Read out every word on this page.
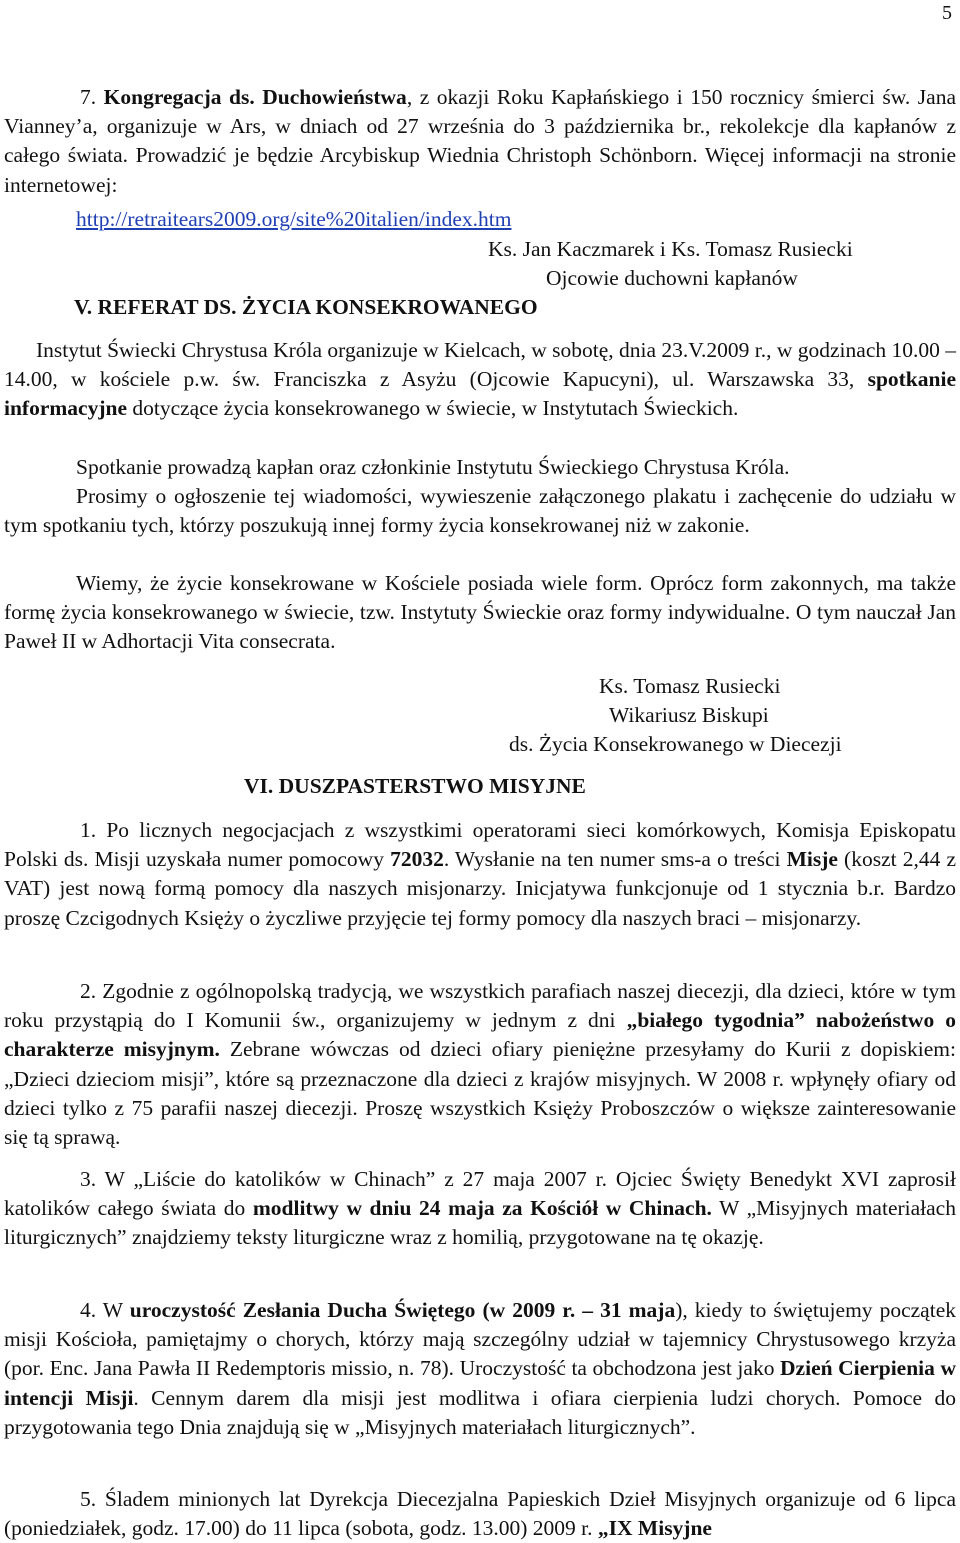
5
7. Kongregacja ds. Duchowieństwa, z okazji Roku Kapłańskiego i 150 rocznicy śmierci św. Jana Vianney’a, organizuje w Ars, w dniach od 27 września do 3 października br., rekolekcje dla kapłanów z całego świata. Prowadzić je będzie Arcybiskup Wiednia Christoph Schönborn. Więcej informacji na stronie internetowej:
http://retraitears2009.org/site%20italien/index.htm
Ks. Jan Kaczmarek i Ks. Tomasz Rusiecki
Ojcowie duchowni kapłanów
V. REFERAT DS. ŻYCIA KONSEKROWANEGO
Instytut Świecki Chrystusa Króla organizuje w Kielcach, w sobotę, dnia 23.V.2009 r., w godzinach 10.00 – 14.00, w kościele p.w. św. Franciszka z Asyżu (Ojcowie Kapucyni), ul. Warszawska 33, spotkanie informacyjne dotyczące życia konsekrowanego w świecie, w Instytutach Świeckich.
Spotkanie prowadzą kapłan oraz członkinie Instytutu Świeckiego Chrystusa Króla.
Prosimy o ogłoszenie tej wiadomości, wywieszenie załączonego plakatu i zachęcenie do udziału w tym spotkaniu tych, którzy poszukują innej formy życia konsekrowanej niż w zakonie.
Wiemy, że życie konsekrowane w Kościele posiada wiele form. Oprócz form zakonnych, ma także formę życia konsekrowanego w świecie, tzw. Instytuty Świeckie oraz formy indywidualne. O tym nauczał Jan Paweł II w Adhortacji Vita consecrata.
Ks. Tomasz Rusiecki
Wikariusz Biskupi
ds. Życia Konsekrowanego w Diecezji
VI. DUSZPASTERSTWO MISYJNE
1. Po licznych negocjacjach z wszystkimi operatorami sieci komórkowych, Komisja Episkopatu Polski ds. Misji uzyskała numer pomocowy 72032. Wysłanie na ten numer sms-a o treści Misje (koszt 2,44 z VAT) jest nową formą pomocy dla naszych misjonarzy. Inicjatywa funkcjonuje od 1 stycznia b.r. Bardzo proszę Czcigodnych Księży o życzliwe przyjęcie tej formy pomocy dla naszych braci – misjonarzy.
2. Zgodnie z ogólnopolską tradycją, we wszystkich parafiach naszej diecezji, dla dzieci, które w tym roku przystąpią do I Komunii św., organizujemy w jednym z dni „białego tygodnia” nabożeństwo o charakterze misyjnym. Zebrane wówczas od dzieci ofiary pieniężne przesyłamy do Kurii z dopiskiem: „Dzieci dzieciom misji”, które są przeznaczone dla dzieci z krajów misyjnych. W 2008 r. wpłynęły ofiary od dzieci tylko z 75 parafii naszej diecezji. Proszę wszystkich Księży Proboszczów o większe zainteresowanie się tą sprawą.
3. W „Liście do katolików w Chinach” z 27 maja 2007 r. Ojciec Święty Benedykt XVI zaprosił katolików całego świata do modlitwy w dniu 24 maja za Kościół w Chinach. W „Misyjnych materiałach liturgicznych” znajdziemy teksty liturgiczne wraz z homilią, przygotowane na tę okazję.
4. W uroczystość Zesłania Ducha Świętego (w 2009 r. – 31 maja), kiedy to świętujemy początek misji Kościoła, pamiętajmy o chorych, którzy mają szczególny udział w tajemnicy Chrystusowego krzyża (por. Enc. Jana Pawła II Redemptoris missio, n. 78). Uroczystość ta obchodzona jest jako Dzień Cierpienia w intencji Misji. Cennym darem dla misji jest modlitwa i ofiara cierpienia ludzi chorych. Pomoce do przygotowania tego Dnia znajdują się w „Misyjnych materiałach liturgicznych”.
5. Śladem minionych lat Dyrekcja Diecezjalna Papieskich Dzieł Misyjnych organizuje od 6 lipca (poniedziałek, godz. 17.00) do 11 lipca (sobota, godz. 13.00) 2009 r. „IX Misyjne
